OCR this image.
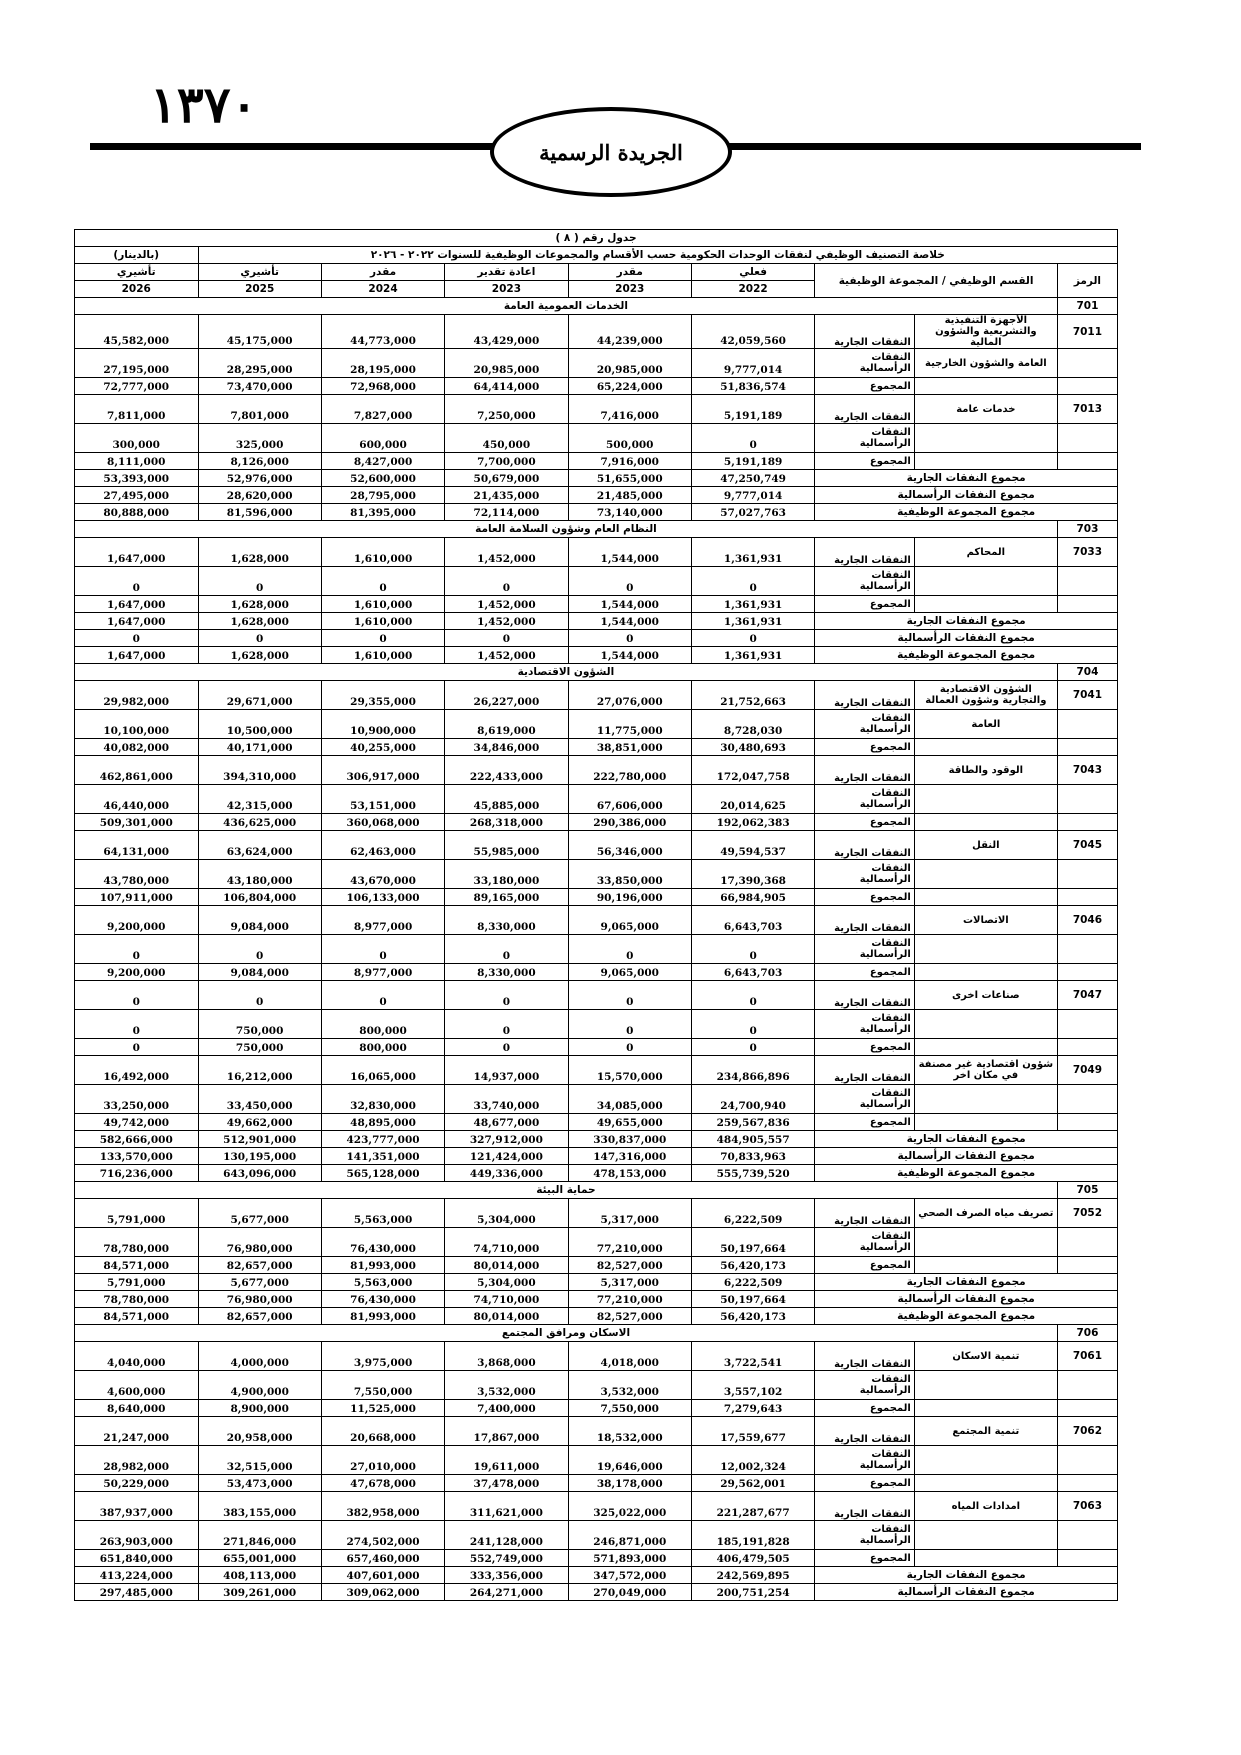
١٣٧٠
الجريدة الرسمية
جدول رقم ( ٨ )								
خلاصة التصنيف الوظيفي لنفقات الوحدات الحكومية حسب الأقسام والمجموعات الوظيفية للسنوات ٢٠٢٢ - ٢٠٢٦								(بالدينار)
الرمز	القسم الوظيفي / المجموعة الوظيفية		فعلي	مقدر	اعادة تقدير	مقدر	تأشيري	تأشيري
			2022	2023	2023	2024	2025	2026
701	الخدمات العمومية العامة							
7011	الأجهزة التنفيذية والتشريعية والشؤون المالية	النفقات الجارية	42,059,560	44,239,000	43,429,000	44,773,000	45,175,000	45,582,000
	العامة والشؤون الخارجية	النفقات الرأسمالية	9,777,014	20,985,000	20,985,000	28,195,000	28,295,000	27,195,000
		المجموع	51,836,574	65,224,000	64,414,000	72,968,000	73,470,000	72,777,000
7013	خدمات عامة	النفقات الجارية	5,191,189	7,416,000	7,250,000	7,827,000	7,801,000	7,811,000
		النفقات الرأسمالية	0	500,000	450,000	600,000	325,000	300,000
		المجموع	5,191,189	7,916,000	7,700,000	8,427,000	8,126,000	8,111,000
مجموع النفقات الجارية			47,250,749	51,655,000	50,679,000	52,600,000	52,976,000	53,393,000
مجموع النفقات الرأسمالية			9,777,014	21,485,000	21,435,000	28,795,000	28,620,000	27,495,000
مجموع المجموعة الوظيفية			57,027,763	73,140,000	72,114,000	81,395,000	81,596,000	80,888,000
703	النظام العام وشؤون السلامة العامة							
7033	المحاكم	النفقات الجارية	1,361,931	1,544,000	1,452,000	1,610,000	1,628,000	1,647,000
		النفقات الرأسمالية	0	0	0	0	0	0
		المجموع	1,361,931	1,544,000	1,452,000	1,610,000	1,628,000	1,647,000
مجموع النفقات الجارية			1,361,931	1,544,000	1,452,000	1,610,000	1,628,000	1,647,000
مجموع النفقات الرأسمالية			0	0	0	0	0	0
مجموع المجموعة الوظيفية			1,361,931	1,544,000	1,452,000	1,610,000	1,628,000	1,647,000
704	الشؤون الاقتصادية							
7041	الشؤون الاقتصادية والتجارية وشؤون العمالة	النفقات الجارية	21,752,663	27,076,000	26,227,000	29,355,000	29,671,000	29,982,000
	العامة	النفقات الرأسمالية	8,728,030	11,775,000	8,619,000	10,900,000	10,500,000	10,100,000
		المجموع	30,480,693	38,851,000	34,846,000	40,255,000	40,171,000	40,082,000
7043	الوقود والطاقة	النفقات الجارية	172,047,758	222,780,000	222,433,000	306,917,000	394,310,000	462,861,000
		النفقات الرأسمالية	20,014,625	67,606,000	45,885,000	53,151,000	42,315,000	46,440,000
		المجموع	192,062,383	290,386,000	268,318,000	360,068,000	436,625,000	509,301,000
7045	النقل	النفقات الجارية	49,594,537	56,346,000	55,985,000	62,463,000	63,624,000	64,131,000
		النفقات الرأسمالية	17,390,368	33,850,000	33,180,000	43,670,000	43,180,000	43,780,000
		المجموع	66,984,905	90,196,000	89,165,000	106,133,000	106,804,000	107,911,000
7046	الاتصالات	النفقات الجارية	6,643,703	9,065,000	8,330,000	8,977,000	9,084,000	9,200,000
		النفقات الرأسمالية	0	0	0	0	0	0
		المجموع	6,643,703	9,065,000	8,330,000	8,977,000	9,084,000	9,200,000
7047	صناعات اخرى	النفقات الجارية	0	0	0	0	0	0
		النفقات الرأسمالية	0	0	0	800,000	750,000	0
		المجموع	0	0	0	800,000	750,000	0
7049	شؤون اقتصادية غير مصنفة في مكان اخر	النفقات الجارية	234,866,896	15,570,000	14,937,000	16,065,000	16,212,000	16,492,000
		النفقات الرأسمالية	24,700,940	34,085,000	33,740,000	32,830,000	33,450,000	33,250,000
		المجموع	259,567,836	49,655,000	48,677,000	48,895,000	49,662,000	49,742,000
مجموع النفقات الجارية			484,905,557	330,837,000	327,912,000	423,777,000	512,901,000	582,666,000
مجموع النفقات الرأسمالية			70,833,963	147,316,000	121,424,000	141,351,000	130,195,000	133,570,000
مجموع المجموعة الوظيفية			555,739,520	478,153,000	449,336,000	565,128,000	643,096,000	716,236,000
705	حماية البيئة							
7052	تصريف مياه الصرف الصحي	النفقات الجارية	6,222,509	5,317,000	5,304,000	5,563,000	5,677,000	5,791,000
		النفقات الرأسمالية	50,197,664	77,210,000	74,710,000	76,430,000	76,980,000	78,780,000
		المجموع	56,420,173	82,527,000	80,014,000	81,993,000	82,657,000	84,571,000
مجموع النفقات الجارية			6,222,509	5,317,000	5,304,000	5,563,000	5,677,000	5,791,000
مجموع النفقات الرأسمالية			50,197,664	77,210,000	74,710,000	76,430,000	76,980,000	78,780,000
مجموع المجموعة الوظيفية			56,420,173	82,527,000	80,014,000	81,993,000	82,657,000	84,571,000
706	الاسكان ومرافق المجتمع							
7061	تنمية الاسكان	النفقات الجارية	3,722,541	4,018,000	3,868,000	3,975,000	4,000,000	4,040,000
		النفقات الرأسمالية	3,557,102	3,532,000	3,532,000	7,550,000	4,900,000	4,600,000
		المجموع	7,279,643	7,550,000	7,400,000	11,525,000	8,900,000	8,640,000
7062	تنمية المجتمع	النفقات الجارية	17,559,677	18,532,000	17,867,000	20,668,000	20,958,000	21,247,000
		النفقات الرأسمالية	12,002,324	19,646,000	19,611,000	27,010,000	32,515,000	28,982,000
		المجموع	29,562,001	38,178,000	37,478,000	47,678,000	53,473,000	50,229,000
7063	امدادات المياه	النفقات الجارية	221,287,677	325,022,000	311,621,000	382,958,000	383,155,000	387,937,000
		النفقات الرأسمالية	185,191,828	246,871,000	241,128,000	274,502,000	271,846,000	263,903,000
		المجموع	406,479,505	571,893,000	552,749,000	657,460,000	655,001,000	651,840,000
مجموع النفقات الجارية			242,569,895	347,572,000	333,356,000	407,601,000	408,113,000	413,224,000
مجموع النفقات الرأسمالية			200,751,254	270,049,000	264,271,000	309,062,000	309,261,000	297,485,000
